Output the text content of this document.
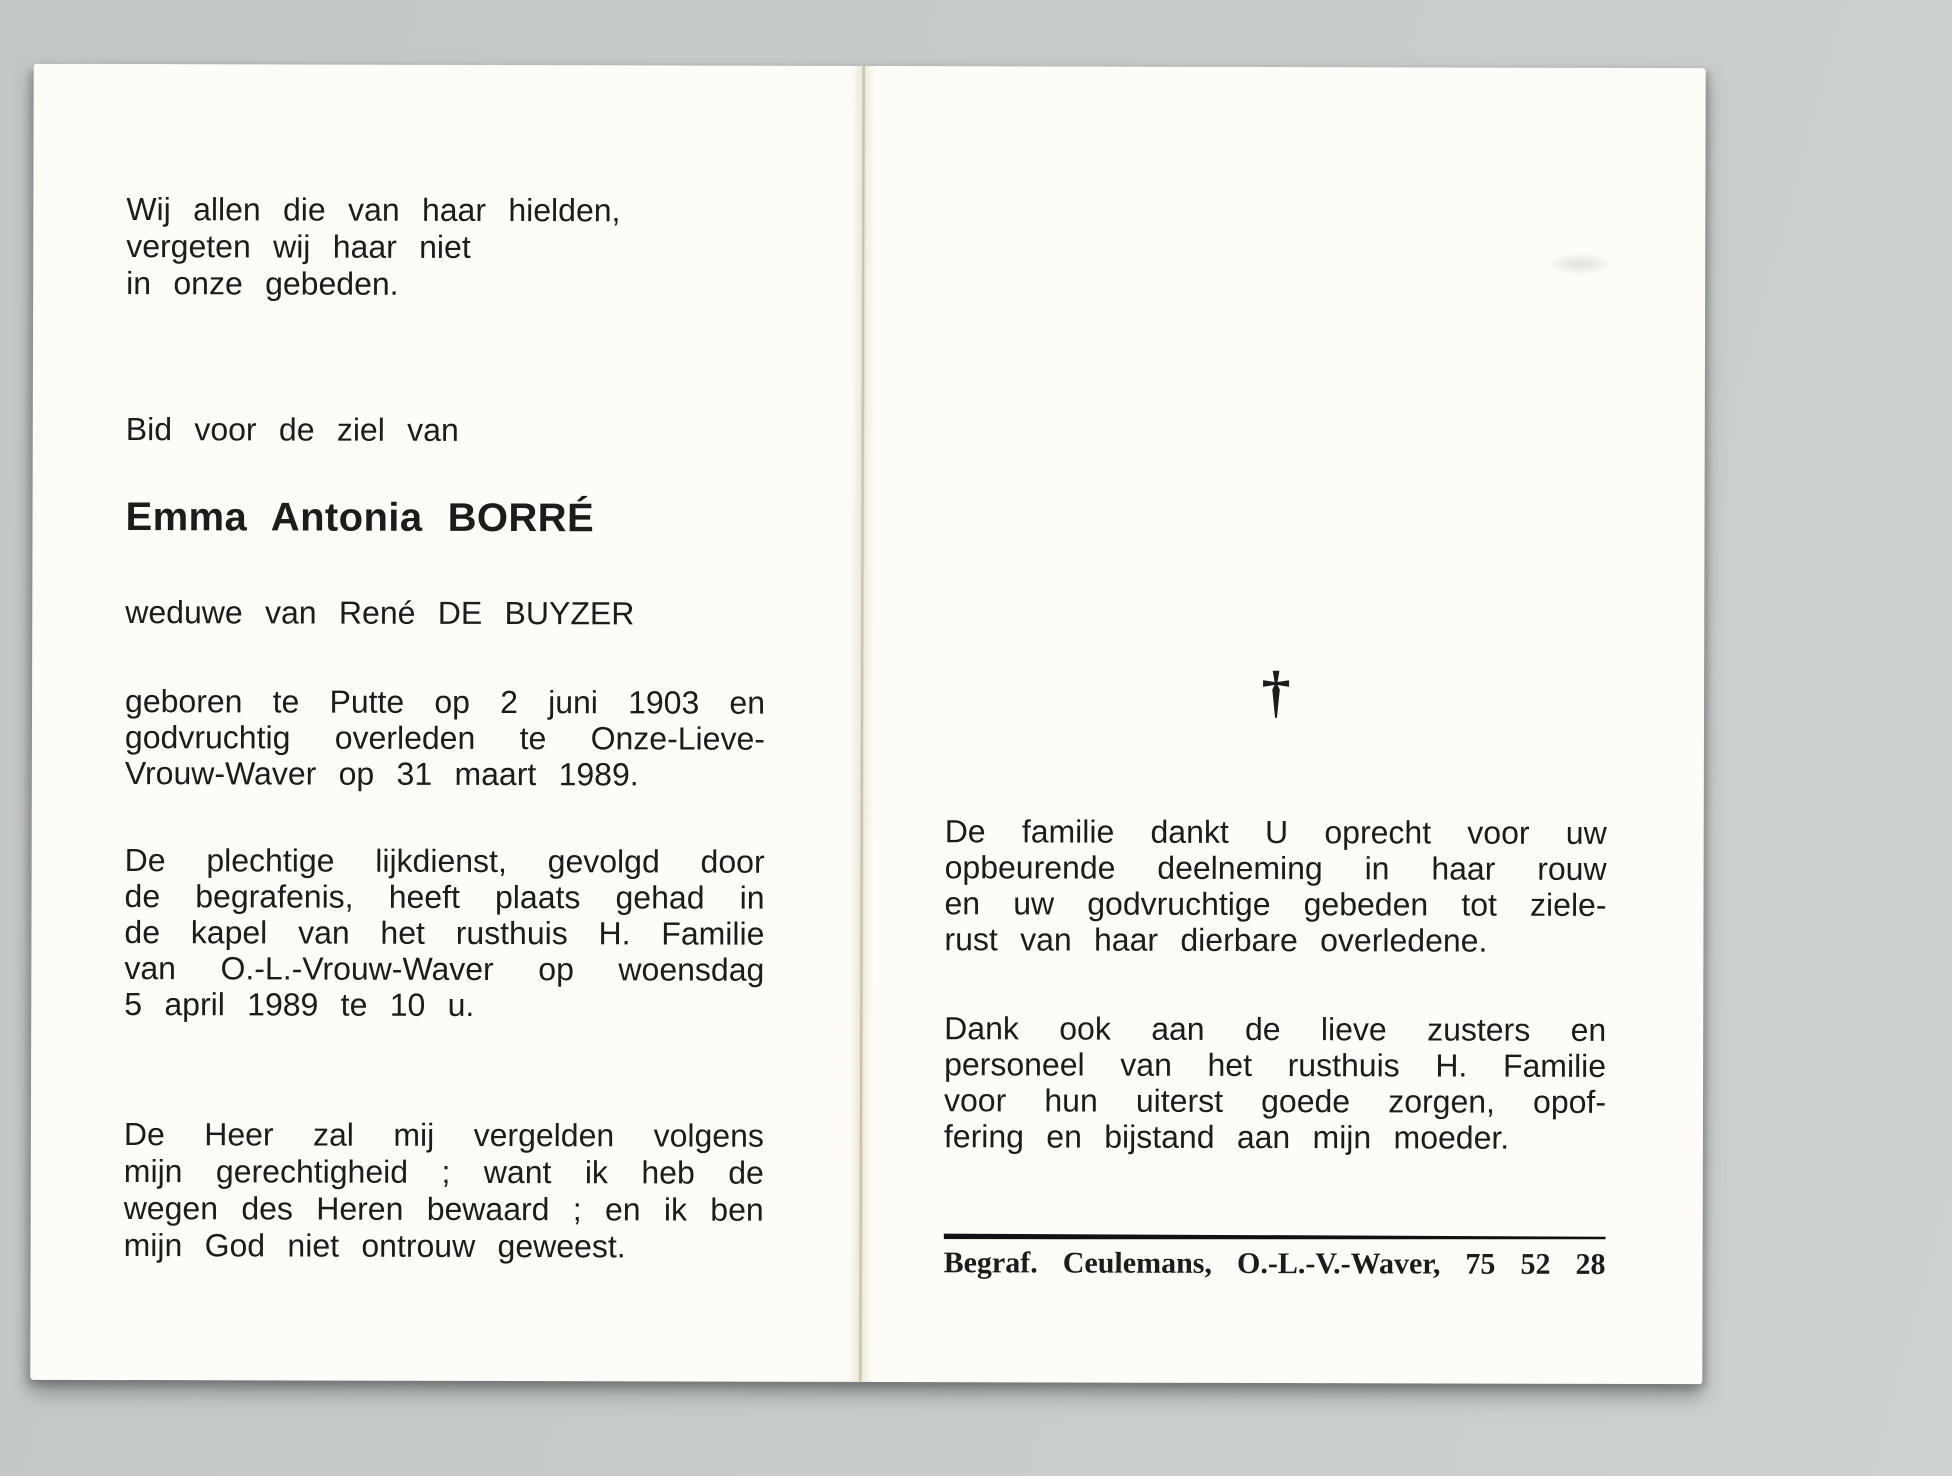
Wij allen die van haar hielden,
vergeten wij haar niet
in onze gebeden.
Bid voor de ziel van
Emma Antonia BORRÉ
weduwe van René DE BUYZER
geboren te Putte op 2 juni 1903 en
godvruchtig overleden te Onze-Lieve-
Vrouw-Waver op 31 maart 1989.
De plechtige lijkdienst, gevolgd door
de begrafenis, heeft plaats gehad in
de kapel van het rusthuis H. Familie
van O.-L.-Vrouw-Waver op woensdag
5 april 1989 te 10 u.
De Heer zal mij vergelden volgens
mijn gerechtigheid ; want ik heb de
wegen des Heren bewaard ; en ik ben
mijn God niet ontrouw geweest.
†
De familie dankt U oprecht voor uw
opbeurende deelneming in haar rouw
en uw godvruchtige gebeden tot ziele-
rust van haar dierbare overledene.
Dank ook aan de lieve zusters en
personeel van het rusthuis H. Familie
voor hun uiterst goede zorgen, opof-
fering en bijstand aan mijn moeder.
Begraf. Ceulemans, O.-L.-V.-Waver, 75 52 28
